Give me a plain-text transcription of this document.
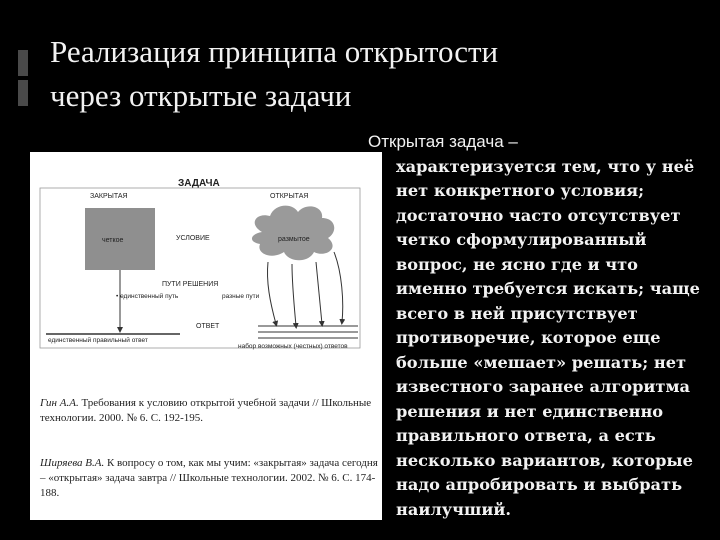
Реализация принципа открытости
через открытые задачи
ЗАДАЧА
ЗАКРЫТАЯ	ОТКРЫТАЯ
четкое	УСЛОВИЕ	размытое
ПУТИ РЕШЕНИЯ
• единственный путь	разные пути
ОТВЕТ
единственный правильный ответ
набор возможных (честных) ответов
Гин А.А. Требования к условию открытой учебной задачи // Школьные технологии. 2000. № 6. С. 192-195.
Ширяева В.А. К вопросу о том, как мы учим: «закрытая» задача сегодня – «открытая» задача завтра // Школьные технологии. 2002. № 6. С. 174-188.
Открытая задача –
характеризуется тем, что у неё
нет конкретного условия;
достаточно часто отсутствует
четко сформулированный
вопрос, не ясно где и что
именно требуется искать; чаще
всего в ней присутствует
противоречие, которое еще
больше «мешает» решать; нет
известного заранее алгоритма
решения и нет единственно
правильного ответа, а есть
несколько вариантов, которые
надо апробировать и выбрать
наилучший.
